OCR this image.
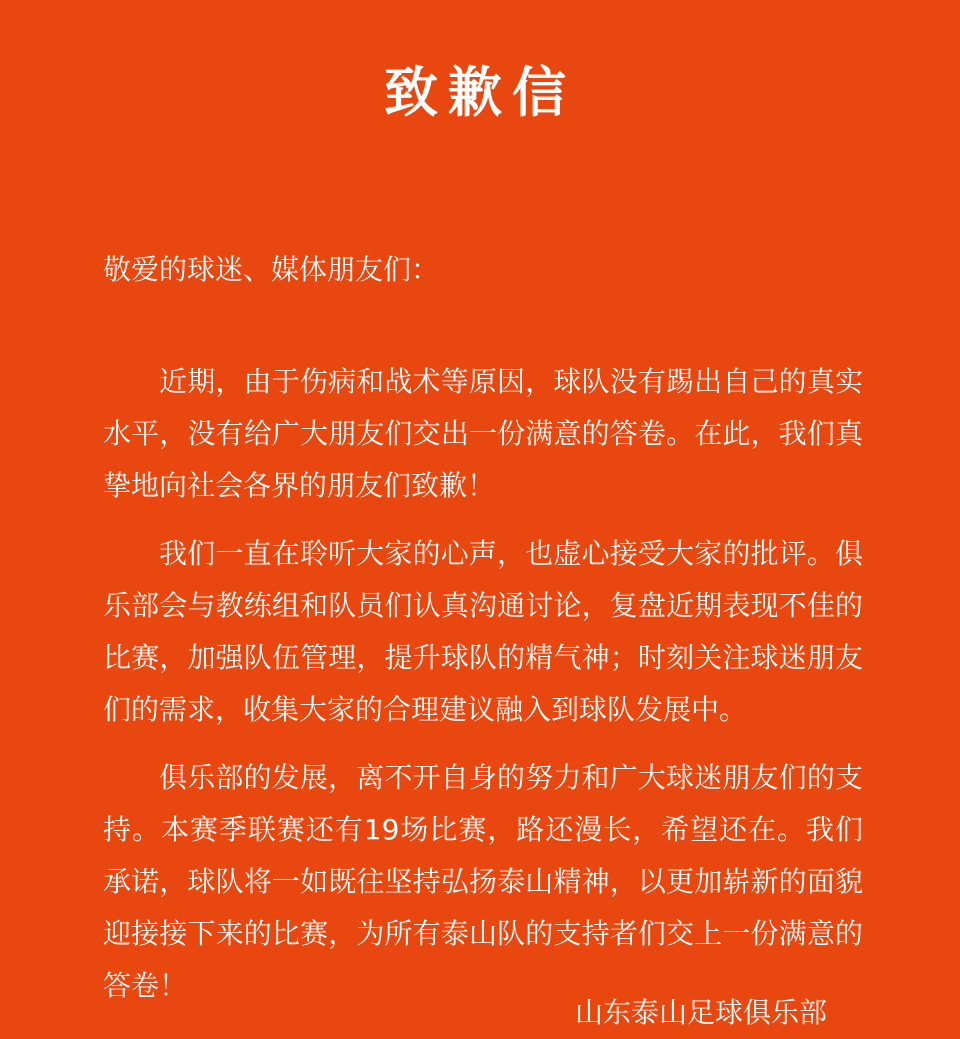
致歉信

敬爱的球迷、媒体朋友们：

近期，由于伤病和战术等原因，球队没有踢出自己的真实水平，没有给广大朋友们交出一份满意的答卷。在此，我们真挚地向社会各界的朋友们致歉！

我们一直在聆听大家的心声，也虚心接受大家的批评。俱乐部会与教练组和队员们认真沟通讨论，复盘近期表现不佳的比赛，加强队伍管理，提升球队的精气神；时刻关注球迷朋友们的需求，收集大家的合理建议融入到球队发展中。

俱乐部的发展，离不开自身的努力和广大球迷朋友们的支持。本赛季联赛还有19场比赛，路还漫长，希望还在。我们承诺，球队将一如既往坚持弘扬泰山精神，以更加崭新的面貌迎接接下来的比赛，为所有泰山队的支持者们交上一份满意的答卷！

山东泰山足球俱乐部
